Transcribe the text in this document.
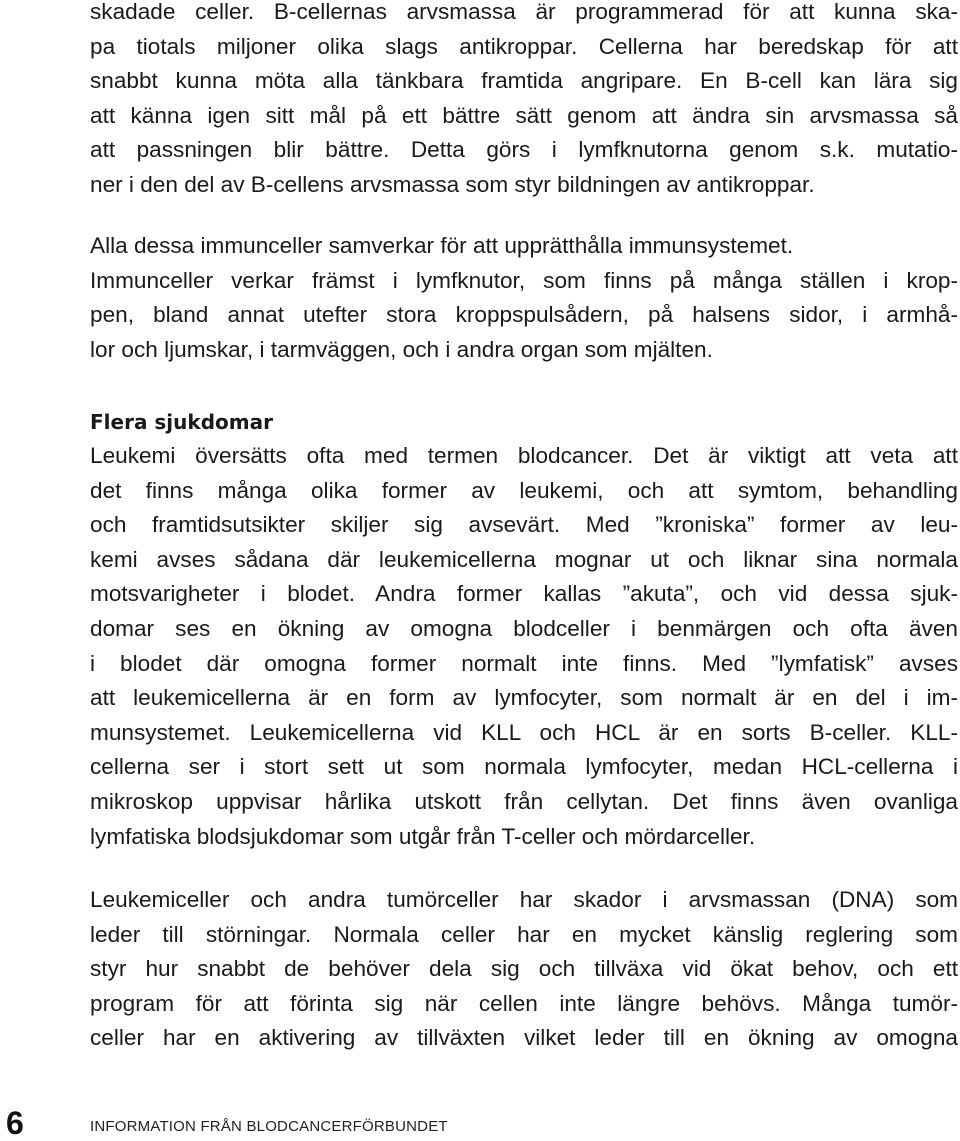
skadade celler. B-cellernas arvsmassa är programmerad för att kunna ska-
pa tiotals miljoner olika slags antikroppar. Cellerna har beredskap för att
snabbt kunna möta alla tänkbara framtida angripare. En B-cell kan lära sig
att känna igen sitt mål på ett bättre sätt genom att ändra sin arvsmassa så
att passningen blir bättre. Detta görs i lymfknutorna genom s.k. mutatio-
ner i den del av B-cellens arvsmassa som styr bildningen av antikroppar.
Alla dessa immunceller samverkar för att upprätthålla immunsystemet.
Immunceller verkar främst i lymfknutor, som finns på många ställen i krop-
pen, bland annat utefter stora kroppspulsådern, på halsens sidor, i armhå-
lor och ljumskar, i tarmväggen, och i andra organ som mjälten.
Flera sjukdomar
Leukemi översätts ofta med termen blodcancer. Det är viktigt att veta att
det finns många olika former av leukemi, och att symtom, behandling
och framtidsutsikter skiljer sig avsevärt. Med ”kroniska” former av leu-
kemi avses sådana där leukemicellerna mognar ut och liknar sina normala
motsvarigheter i blodet. Andra former kallas ”akuta”, och vid dessa sjuk-
domar ses en ökning av omogna blodceller i benmärgen och ofta även
i blodet där omogna former normalt inte finns. Med ”lymfatisk” avses
att leukemicellerna är en form av lymfocyter, som normalt är en del i im-
munsystemet. Leukemicellerna vid KLL och HCL är en sorts B-celler. KLL-
cellerna ser i stort sett ut som normala lymfocyter, medan HCL-cellerna i
mikroskop uppvisar hårlika utskott från cellytan. Det finns även ovanliga
lymfatiska blodsjukdomar som utgår från T-celler och mördarceller.
Leukemiceller och andra tumörceller har skador i arvsmassan (DNA) som
leder till störningar. Normala celler har en mycket känslig reglering som
styr hur snabbt de behöver dela sig och tillväxa vid ökat behov, och ett
program för att förinta sig när cellen inte längre behövs. Många tumör-
celler har en aktivering av tillväxten vilket leder till en ökning av omogna
6	INFORMATION FRÅN BLODCANCERFÖRBUNDET
